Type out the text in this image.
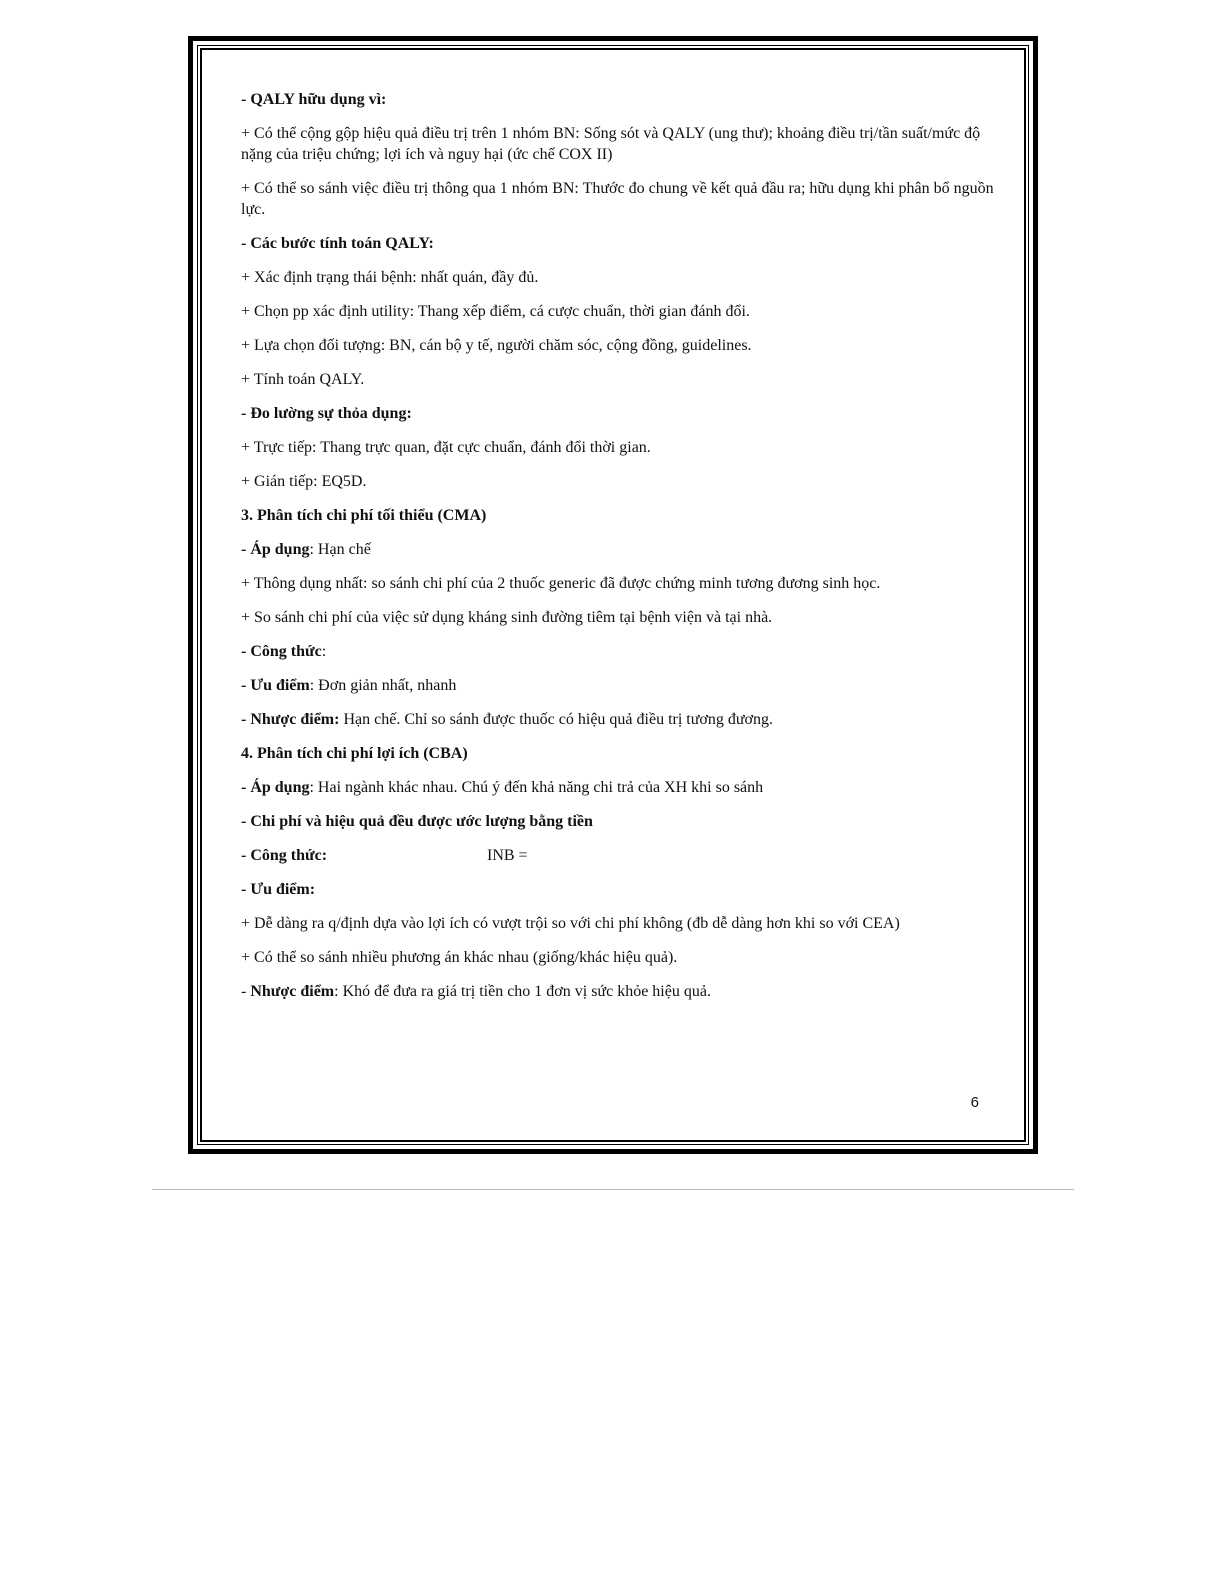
- QALY hữu dụng vì:

+ Có thể cộng gộp hiệu quả điều trị trên 1 nhóm BN: Sống sót và QALY (ung thư); khoảng điều trị/tần suất/mức độ nặng của triệu chứng; lợi ích và nguy hại (ức chế COX II)

+ Có thể so sánh việc điều trị thông qua 1 nhóm BN: Thước đo chung về kết quả đầu ra; hữu dụng khi phân bổ nguồn lực.

- Các bước tính toán QALY:

+ Xác định trạng thái bệnh: nhất quán, đầy đủ.

+ Chọn pp xác định utility: Thang xếp điểm, cá cược chuẩn, thời gian đánh đổi.

+ Lựa chọn đối tượng: BN, cán bộ y tế, người chăm sóc, cộng đồng, guidelines.

+ Tính toán QALY.

- Đo lường sự thỏa dụng:

+ Trực tiếp: Thang trực quan, đặt cực chuẩn, đánh đổi thời gian.

+ Gián tiếp: EQ5D.

3. Phân tích chi phí tối thiểu (CMA)

- Áp dụng: Hạn chế

+ Thông dụng nhất: so sánh chi phí của 2 thuốc generic đã được chứng minh tương đương sinh học.

+ So sánh chi phí của việc sử dụng kháng sinh đường tiêm tại bệnh viện và tại nhà.

- Công thức:

- Ưu điểm: Đơn giản nhất, nhanh

- Nhược điểm: Hạn chế. Chỉ so sánh được thuốc có hiệu quả điều trị tương đương.

4. Phân tích chi phí lợi ích (CBA)

- Áp dụng: Hai ngành khác nhau. Chú ý đến khả năng chi trả của XH khi so sánh

- Chi phí và hiệu quả đều được ước lượng bằng tiền

- Công thức:	INB =

- Ưu điểm:

+ Dễ dàng ra q/định dựa vào lợi ích có vượt trội so với chi phí không (đb dễ dàng hơn khi so với CEA)

+ Có thể so sánh nhiều phương án khác nhau (giống/khác hiệu quả).

- Nhược điểm: Khó để đưa ra giá trị tiền cho 1 đơn vị sức khỏe hiệu quả.

6
